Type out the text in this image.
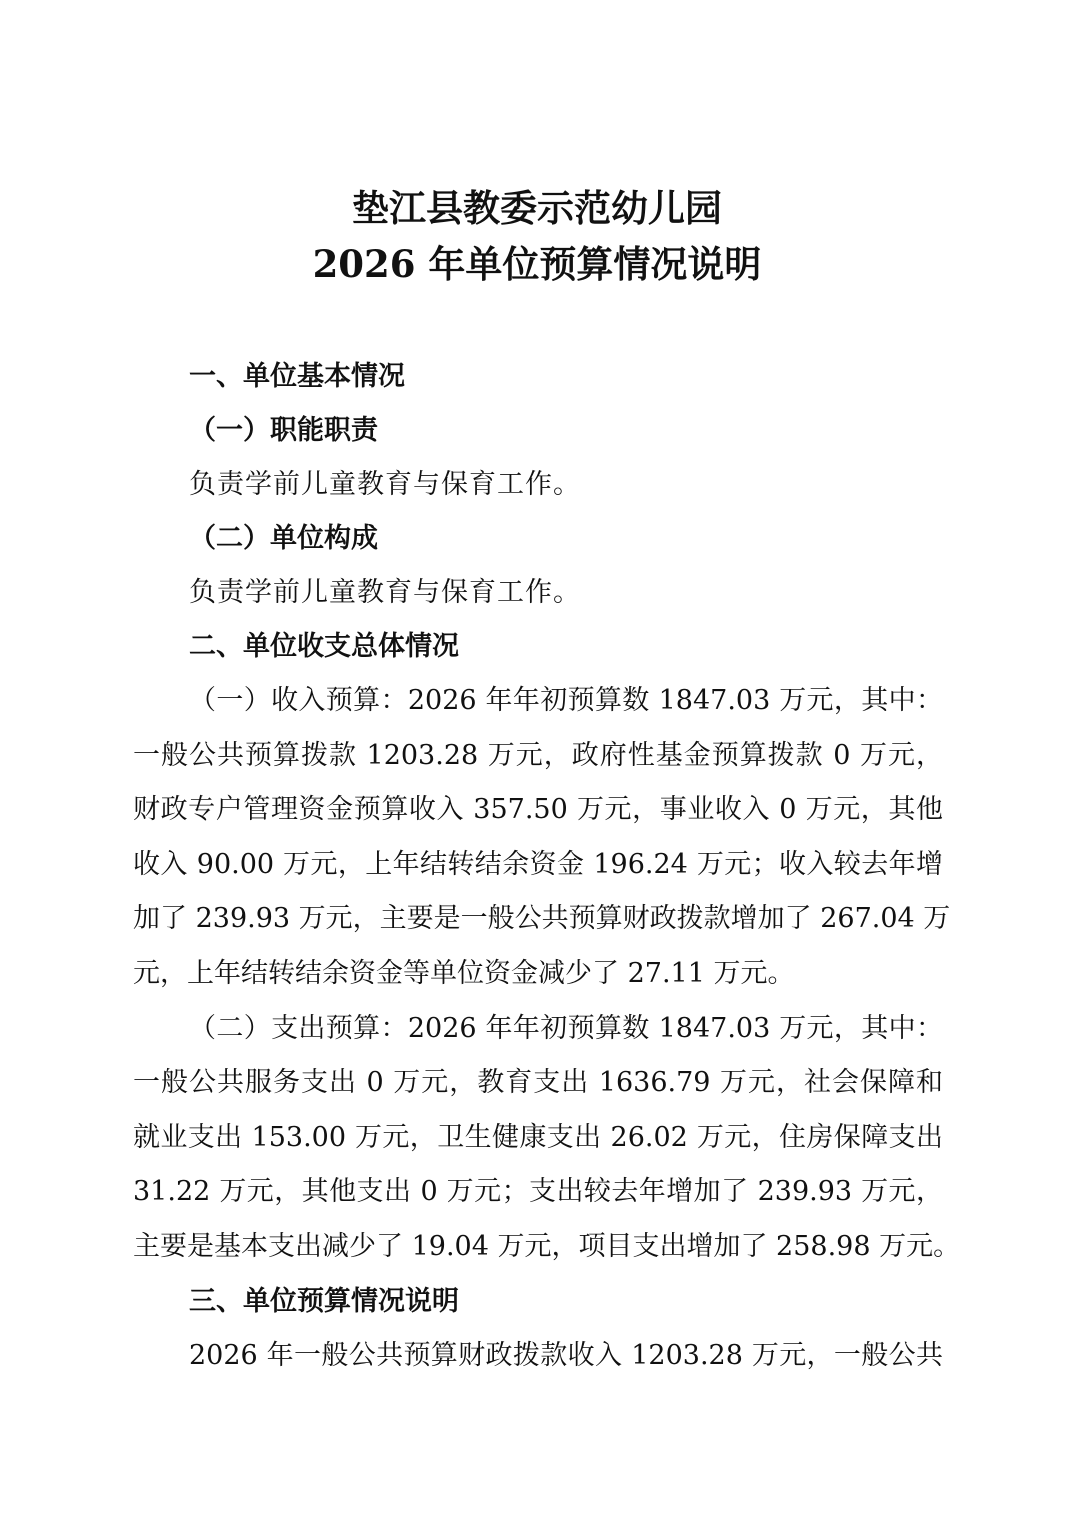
垫江县教委示范幼儿园
2026 年单位预算情况说明
一、单位基本情况
（一）职能职责
负责学前儿童教育与保育工作。
（二）单位构成
负责学前儿童教育与保育工作。
二、单位收支总体情况
（一）收入预算：2026 年年初预算数 1847.03 万元，其中：
一般公共预算拨款 1203.28 万元，政府性基金预算拨款 0 万元，
财政专户管理资金预算收入 357.50 万元，事业收入 0 万元，其他
收入 90.00 万元，上年结转结余资金 196.24 万元；收入较去年增
加了 239.93 万元，主要是一般公共预算财政拨款增加了 267.04 万
元，上年结转结余资金等单位资金减少了 27.11 万元。
（二）支出预算：2026 年年初预算数 1847.03 万元，其中：
一般公共服务支出 0 万元，教育支出 1636.79 万元，社会保障和
就业支出 153.00 万元，卫生健康支出 26.02 万元，住房保障支出
31.22 万元，其他支出 0 万元；支出较去年增加了 239.93 万元，
主要是基本支出减少了 19.04 万元，项目支出增加了 258.98 万元。
三、单位预算情况说明
2026 年一般公共预算财政拨款收入 1203.28 万元，一般公共
